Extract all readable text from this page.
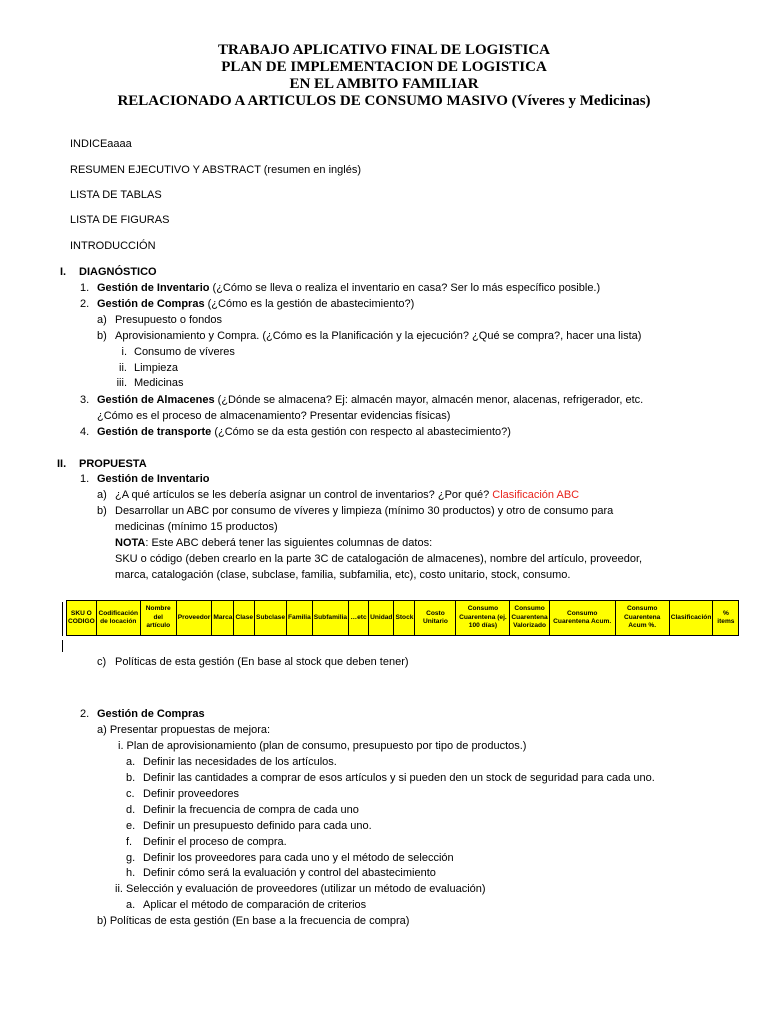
TRABAJO APLICATIVO FINAL DE LOGISTICA
PLAN DE IMPLEMENTACION DE LOGISTICA
EN EL AMBITO FAMILIAR
RELACIONADO A ARTICULOS DE CONSUMO MASIVO (Víveres y Medicinas)
INDICEaaaa
RESUMEN EJECUTIVO Y ABSTRACT (resumen en inglés)
LISTA DE TABLAS
LISTA DE FIGURAS
INTRODUCCIÓN
I. DIAGNÓSTICO
1. Gestión de Inventario (¿Cómo se lleva o realiza el inventario en casa? Ser lo más específico posible.)
2. Gestión de Compras (¿Cómo es la gestión de abastecimiento?)
a) Presupuesto o fondos
b) Aprovisionamiento y Compra. (¿Cómo es la Planificación y la ejecución? ¿Qué se compra?, hacer una lista)
i. Consumo de víveres
ii. Limpieza
iii. Medicinas
3. Gestión de Almacenes (¿Dónde se almacena? Ej: almacén mayor, almacén menor, alacenas, refrigerador, etc.
¿Cómo es el proceso de almacenamiento? Presentar evidencias físicas)
4. Gestión de transporte (¿Cómo se da esta gestión con respecto al abastecimiento?)
II. PROPUESTA
1. Gestión de Inventario
a) ¿A qué artículos se les debería asignar un control de inventarios? ¿Por qué? Clasificación ABC
b) Desarrollar un ABC por consumo de víveres y limpieza (mínimo 30 productos) y otro de consumo para
medicinas (mínimo 15 productos)
NOTA: Este ABC deberá tener las siguientes columnas de datos:
SKU o código (deben crearlo en la parte 3C de catalogación de almacenes), nombre del artículo, proveedor,
marca, catalogación (clase, subclase, familia, subfamilia, etc), costo unitario, stock, consumo.
SKU O CODIGO	Codificación de locación	Nombre del artículo	Proveedor	Marca	Clase	Subclase	Familia	Subfamilia	…etc	Unidad	Stock	Costo Unitario	Consumo Cuarentena (ej. 100 días)	Consumo Cuarentena Valorizado	Consumo Cuarentena Acum.	Consumo Cuarentena Acum %.	Clasificación	% items
c) Políticas de esta gestión (En base al stock que deben tener)
2. Gestión de Compras
a) Presentar propuestas de mejora:
i. Plan de aprovisionamiento (plan de consumo, presupuesto por tipo de productos.)
a. Definir las necesidades de los artículos.
b. Definir las cantidades a comprar de esos artículos y si pueden den un stock de seguridad para cada uno.
c. Definir proveedores
d. Definir la frecuencia de compra de cada uno
e. Definir un presupuesto definido para cada uno.
f. Definir el proceso de compra.
g. Definir los proveedores para cada uno y el método de selección
h. Definir cómo será la evaluación y control del abastecimiento
ii. Selección y evaluación de proveedores (utilizar un método de evaluación)
a. Aplicar el método de comparación de criterios
b) Políticas de esta gestión (En base a la frecuencia de compra)
